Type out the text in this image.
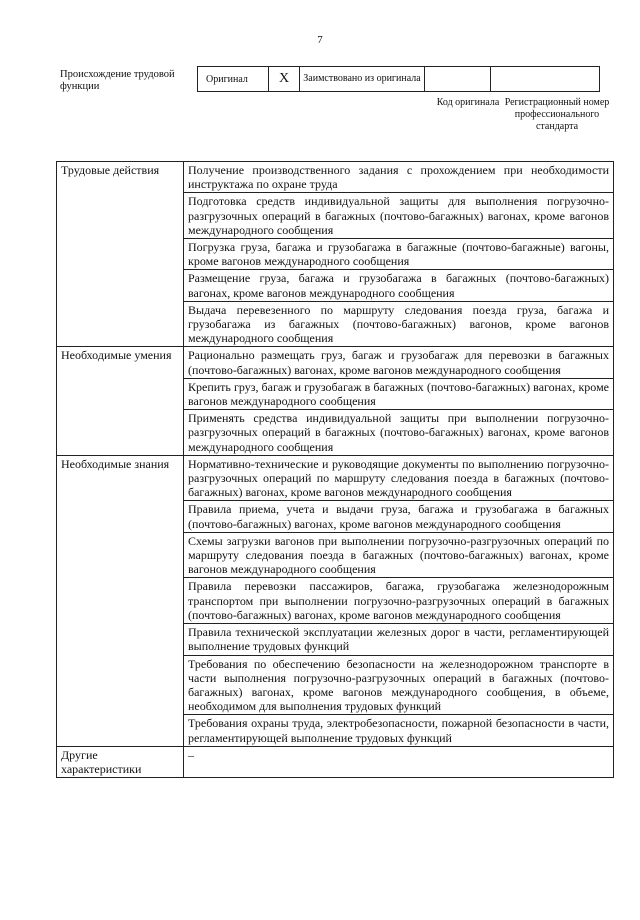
7
Происхождение трудовой функции
Оригинал	X	Заимствовано из оригинала		
Код оригинала Регистрационный номер профессионального стандарта
Трудовые действия	Получение производственного задания с прохождением при необходимости инструктажа по охране труда
	Подготовка средств индивидуальной защиты для выполнения погрузочно-разгрузочных операций в багажных (почтово-багажных) вагонах, кроме вагонов международного сообщения
	Погрузка груза, багажа и грузобагажа в багажные (почтово-багажные) вагоны, кроме вагонов международного сообщения
	Размещение груза, багажа и грузобагажа в багажных (почтово-багажных) вагонах, кроме вагонов международного сообщения
	Выдача перевезенного по маршруту следования поезда груза, багажа и грузобагажа из багажных (почтово-багажных) вагонов, кроме вагонов международного сообщения
Необходимые умения	Рационально размещать груз, багаж и грузобагаж для перевозки в багажных (почтово-багажных) вагонах, кроме вагонов международного сообщения
	Крепить груз, багаж и грузобагаж в багажных (почтово-багажных) вагонах, кроме вагонов международного сообщения
	Применять средства индивидуальной защиты при выполнении погрузочно-разгрузочных операций в багажных (почтово-багажных) вагонах, кроме вагонов международного сообщения
Необходимые знания	Нормативно-технические и руководящие документы по выполнению погрузочно-разгрузочных операций по маршруту следования поезда в багажных (почтово-багажных) вагонах, кроме вагонов международного сообщения
	Правила приема, учета и выдачи груза, багажа и грузобагажа в багажных (почтово-багажных) вагонах, кроме вагонов международного сообщения
	Схемы загрузки вагонов при выполнении погрузочно-разгрузочных операций по маршруту следования поезда в багажных (почтово-багажных) вагонах, кроме вагонов международного сообщения
	Правила перевозки пассажиров, багажа, грузобагажа железнодорожным транспортом при выполнении погрузочно-разгрузочных операций в багажных (почтово-багажных) вагонах, кроме вагонов международного сообщения
	Правила технической эксплуатации железных дорог в части, регламентирующей выполнение трудовых функций
	Требования по обеспечению безопасности на железнодорожном транспорте в части выполнения погрузочно-разгрузочных операций в багажных (почтово-багажных) вагонах, кроме вагонов международного сообщения, в объеме, необходимом для выполнения трудовых функций
	Требования охраны труда, электробезопасности, пожарной безопасности в части, регламентирующей выполнение трудовых функций
Другие характеристики	–
